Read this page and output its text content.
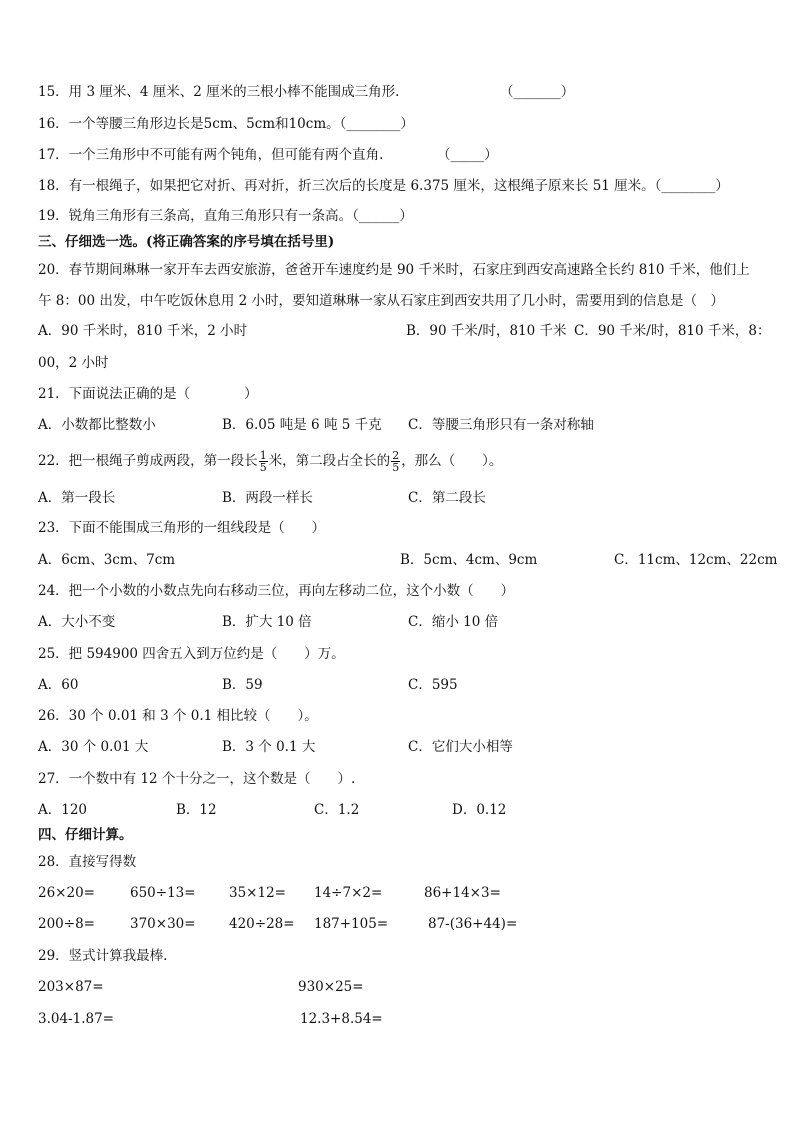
15．用 3 厘米、4 厘米、2 厘米的三根小棒不能围成三角形.	（_______）
16．一个等腰三角形边长是5cm、5cm和10cm。（________）
17．一个三角形中不可能有两个钝角，但可能有两个直角.	（_____）
18．有一根绳子，如果把它对折、再对折，折三次后的长度是 6.375 厘米，这根绳子原来长 51 厘米。（________）
19．锐角三角形有三条高，直角三角形只有一条高。（______）
三、仔细选一选。(将正确答案的序号填在括号里)
20．春节期间琳琳一家开车去西安旅游，爸爸开车速度约是 90 千米时，石家庄到西安高速路全长约 810 千米，他们上
午 8：00 出发，中午吃饭休息用 2 小时，要知道琳琳一家从石家庄到西安共用了几小时，需要用到的信息是（　）
A．90 千米时，810 千米，2 小时	B．90 千米/时，810 千米 C．90 千米/时，810 千米，8：
00，2 小时
21．下面说法正确的是（　　　　）
A．小数都比整数小	B．6.05 吨是 6 吨 5 千克 C．等腰三角形只有一条对称轴
22．把一根绳子剪成两段，第一段长 $\frac{1}{5}$ 米，第二段占全长的 $\frac{2}{5}$ ，那么（　　）。
A．第一段长	B．两段一样长	C．第二段长
23．下面不能围成三角形的一组线段是（　　）
A．6cm、3cm、7cm	B．5cm、4cm、9cm	C．11cm、12cm、22cm
24．把一个小数的小数点先向右移动三位，再向左移动二位，这个小数（　　）
A．大小不变	B．扩大 10 倍	C．缩小 10 倍
25．把 594900 四舍五入到万位约是（　　）万。
A．60	B．59	C．595
26．30 个 0.01 和 3 个 0.1 相比较（　　）。
A．30 个 0.01 大	B．3 个 0.1 大	C．它们大小相等
27．一个数中有 12 个十分之一，这个数是（　　）.
A．120	B．12	C．1.2	D．0.12
四、仔细计算。
28．直接写得数
26×20=	650÷13= 35×12= 14÷7×2=	86+14×3=
200÷8=	370×30= 420÷28= 187+105=	87-(36+44)=
29．竖式计算我最棒.
203×87=	930×25=
3.04-1.87=	12.3+8.54=
